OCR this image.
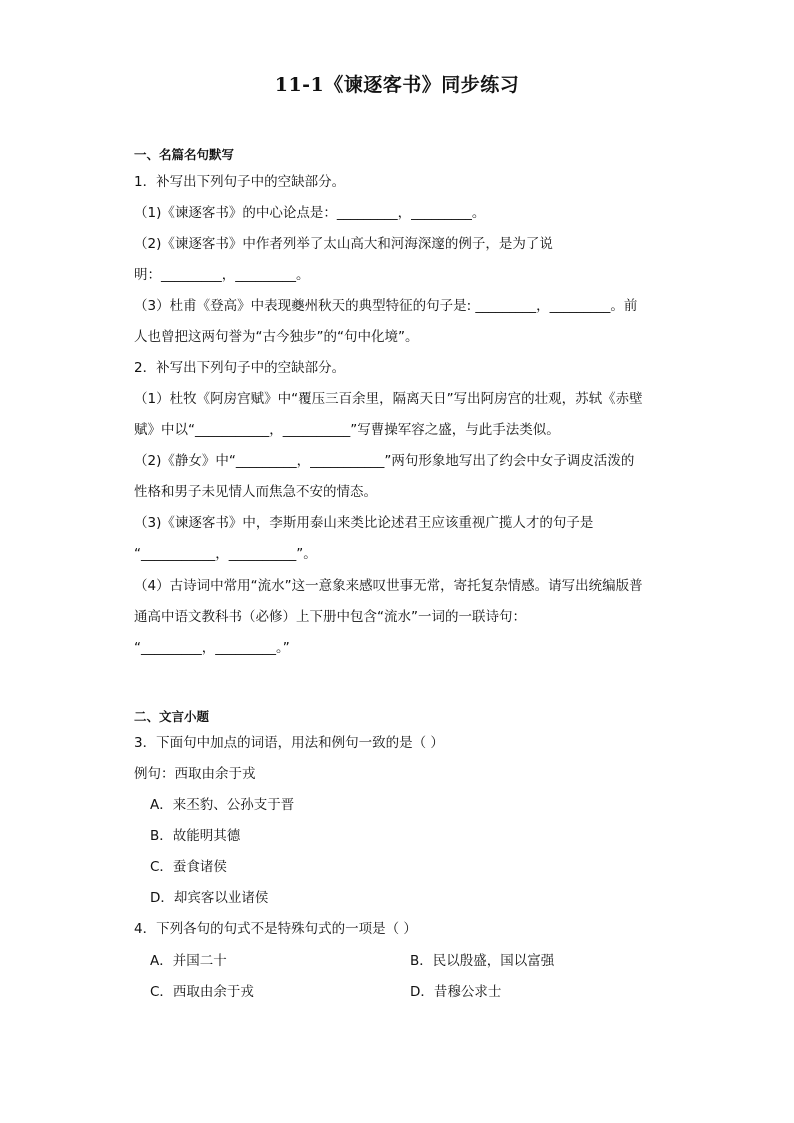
11-1《谏逐客书》同步练习
一、名篇名句默写
1．补写出下列句子中的空缺部分。
（1)《谏逐客书》的中心论点是：_________，_________。
（2)《谏逐客书》中作者列举了太山高大和河海深邃的例子，是为了说
明：_________，_________。
（3）杜甫《登高》中表现夔州秋天的典型特征的句子是: _________，_________。前
人也曾把这两句誉为“古今独步”的“句中化境”。
2．补写出下列句子中的空缺部分。
（1）杜牧《阿房宫赋》中“覆压三百余里，隔离天日”写出阿房宫的壮观，苏轼《赤壁
赋》中以“___________，__________”写曹操军容之盛，与此手法类似。
（2)《静女》中“_________，___________”两句形象地写出了约会中女子调皮活泼的
性格和男子未见情人而焦急不安的情态。
（3)《谏逐客书》中，李斯用泰山来类比论述君王应该重视广揽人才的句子是
“___________，__________”。
（4）古诗词中常用“流水”这一意象来感叹世事无常，寄托复杂情感。请写出统编版普
通高中语文教科书（必修）上下册中包含“流水”一词的一联诗句：
“_________，_________。”
二、文言小题
3．下面句中加点的词语，用法和例句一致的是（ ）
例句：西取由余于戎
A．来丕豹、公孙支于晋
B．故能明其德
C．蚕食诸侯
D．却宾客以业诸侯
4．下列各句的句式不是特殊句式的一项是（ ）
A．并国二十	B．民以殷盛，国以富强
C．西取由余于戎	D．昔穆公求士
